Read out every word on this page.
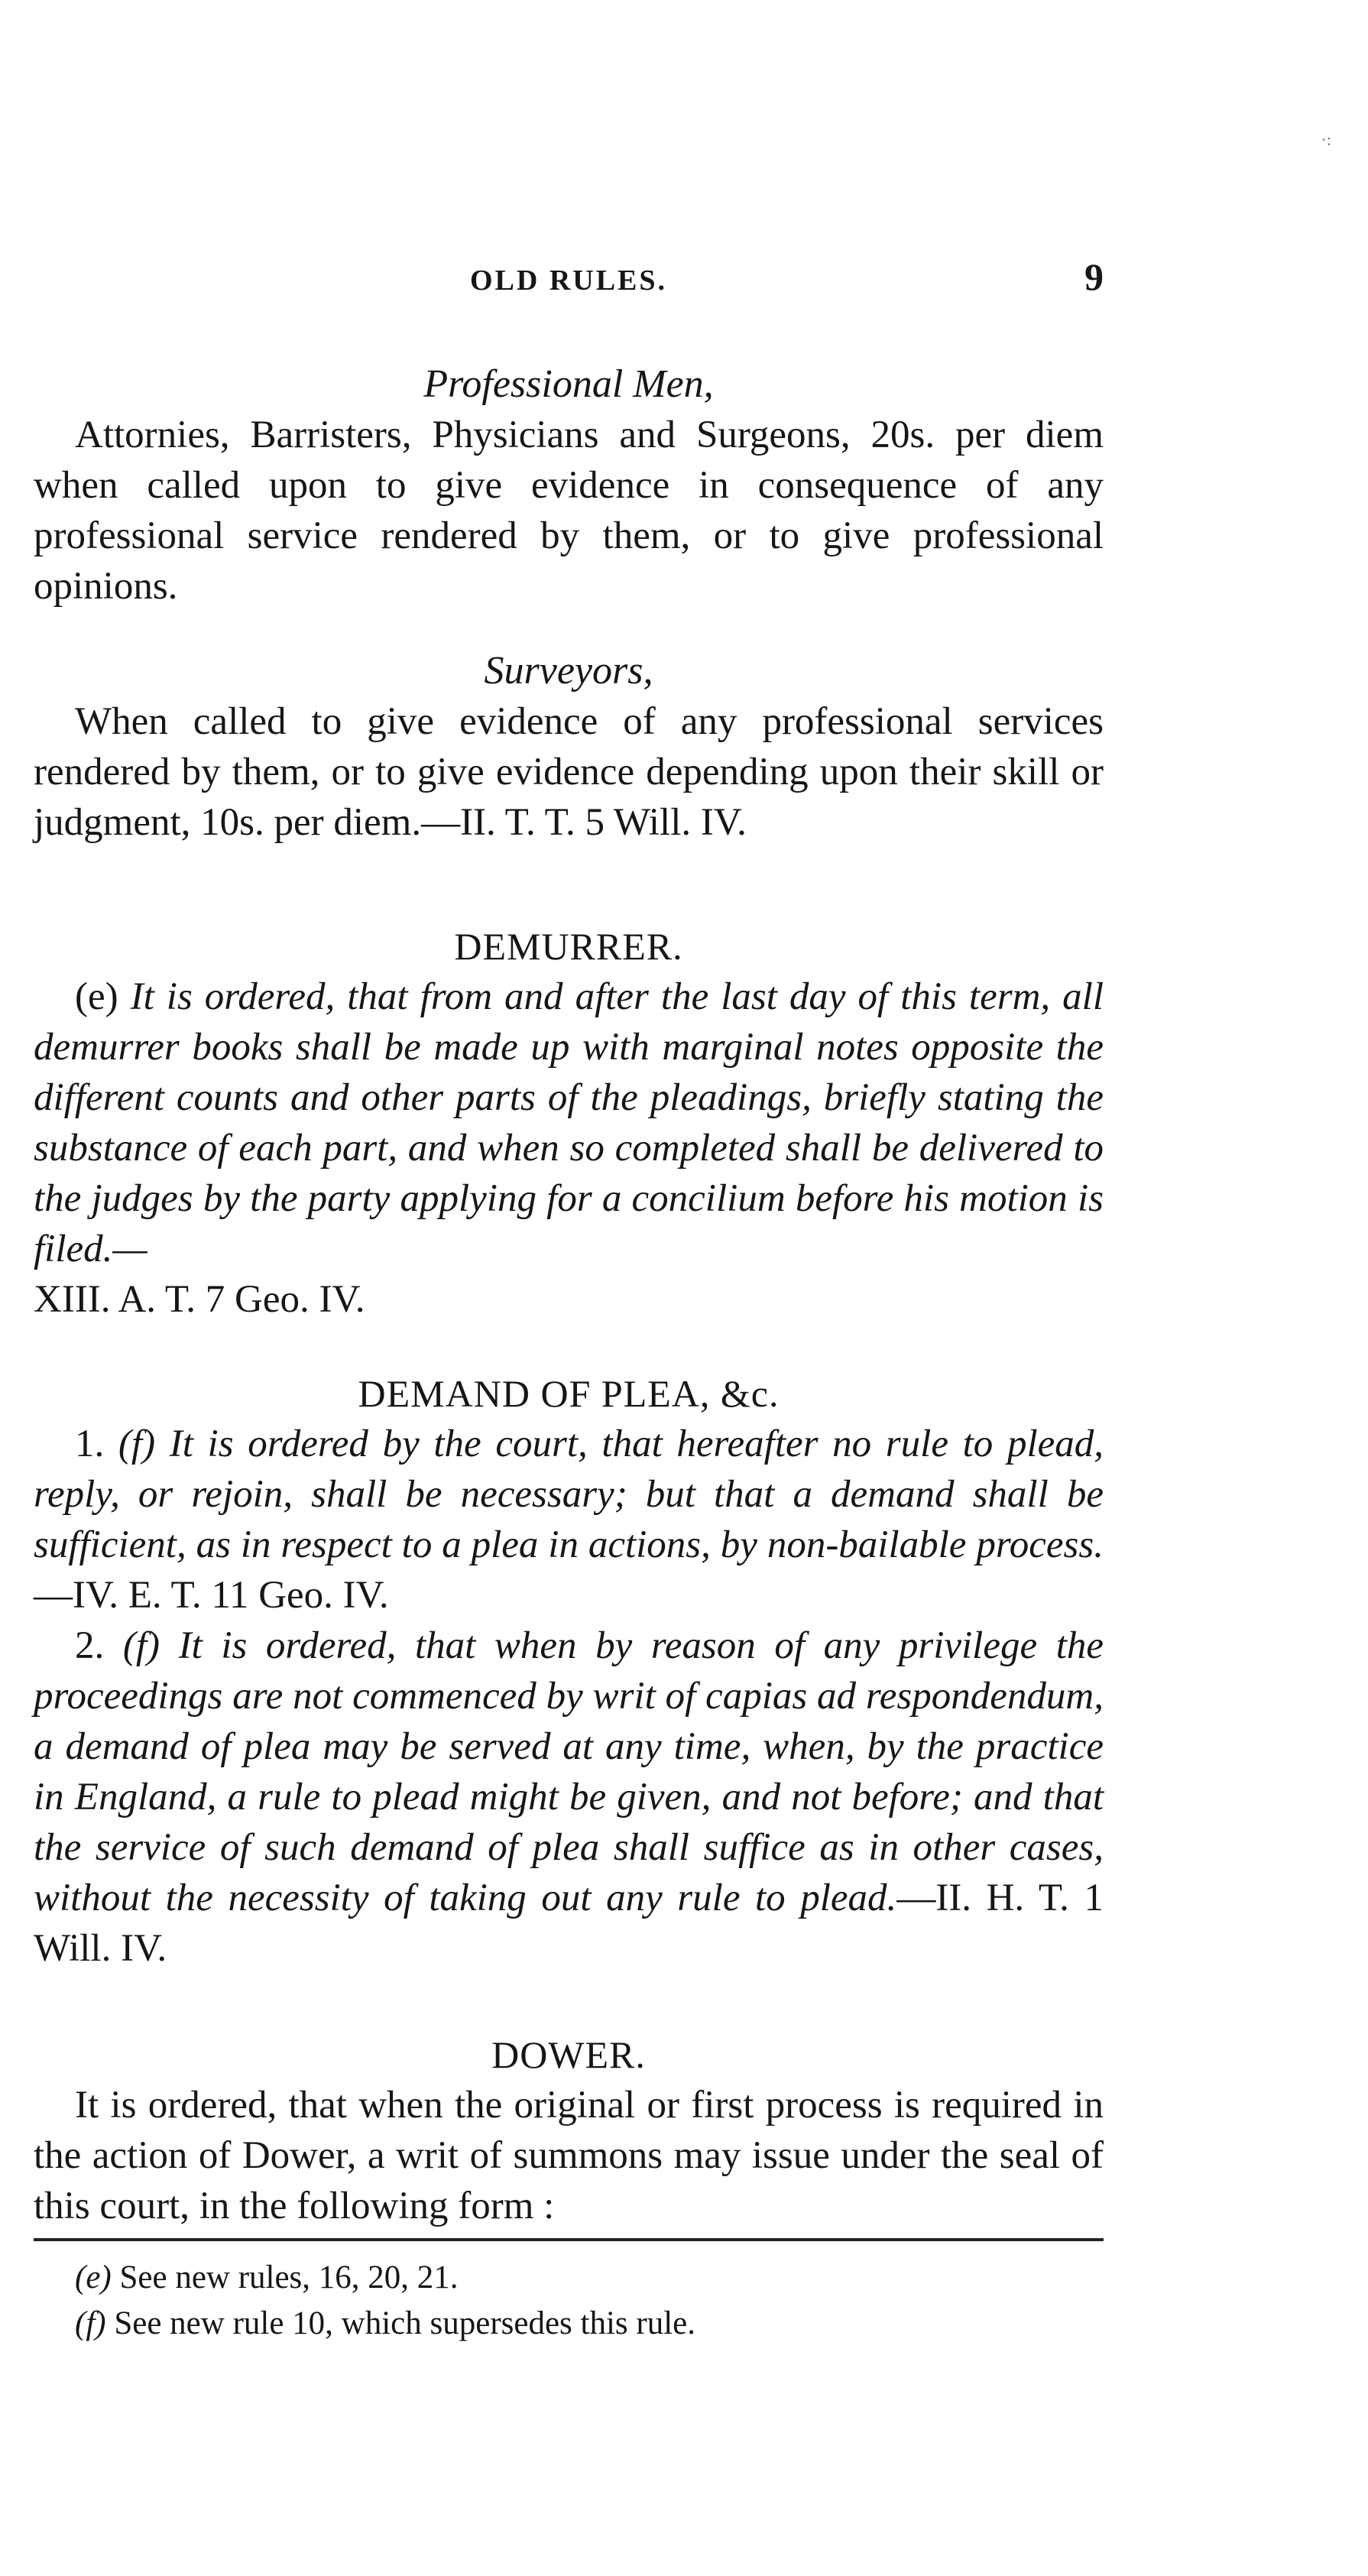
·:
OLD RULES.	9

Professional Men,

Attornies, Barristers, Physicians and Surgeons, 20s. per diem when called upon to give evidence in consequence of any professional service rendered by them, or to give professional opinions.

Surveyors,

When called to give evidence of any professional services rendered by them, or to give evidence depending upon their skill or judgment, 10s. per diem.—II. T. T. 5 Will. IV.

DEMURRER.

(e) It is ordered, that from and after the last day of this term, all demurrer books shall be made up with marginal notes opposite the different counts and other parts of the pleadings, briefly stating the substance of each part, and when so completed shall be delivered to the judges by the party applying for a concilium before his motion is filed.—

XIII. A. T. 7 Geo. IV.

DEMAND OF PLEA, &c.

1. (f) It is ordered by the court, that hereafter no rule to plead, reply, or rejoin, shall be necessary; but that a demand shall be sufficient, as in respect to a plea in actions, by non-bailable process.—IV. E. T. 11 Geo. IV.

2. (f) It is ordered, that when by reason of any privilege the proceedings are not commenced by writ of capias ad respondendum, a demand of plea may be served at any time, when, by the practice in England, a rule to plead might be given, and not before; and that the service of such demand of plea shall suffice as in other cases, without the necessity of taking out any rule to plead.—II. H. T. 1 Will. IV.

DOWER.

It is ordered, that when the original or first process is required in the action of Dower, a writ of summons may issue under the seal of this court, in the following form :

(e) See new rules, 16, 20, 21.

(f) See new rule 10, which supersedes this rule.
